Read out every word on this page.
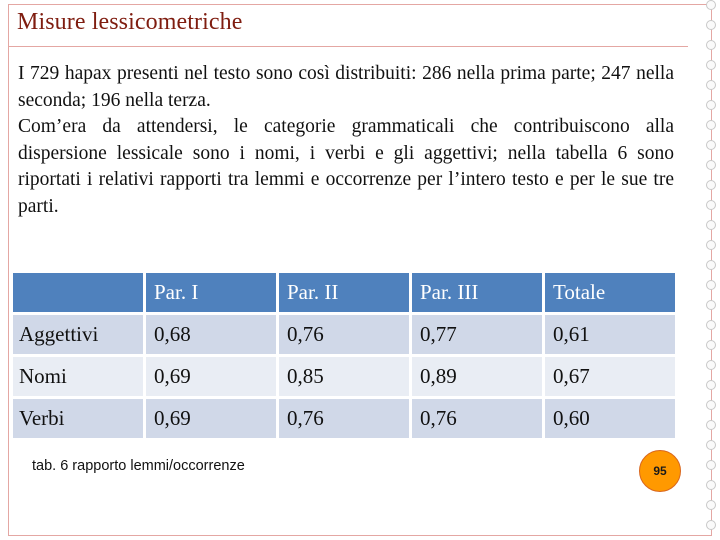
Misure lessicometriche

I 729 hapax presenti nel testo sono così distribuiti: 286 nella prima parte; 247 nella seconda; 196 nella terza.

Com’era da attendersi, le categorie grammaticali che contribuiscono alla dispersione lessicale sono i nomi, i verbi e gli aggettivi; nella tabella 6 sono riportati i relativi rapporti tra lemmi e occorrenze per l’intero testo e per le sue tre parti.

	Par. I	Par. II	Par. III	Totale
Aggettivi	0,68	0,76	0,77	0,61
Nomi	0,69	0,85	0,89	0,67
Verbi	0,69	0,76	0,76	0,60
tab. 6 rapporto lemmi/occorrenze	95
